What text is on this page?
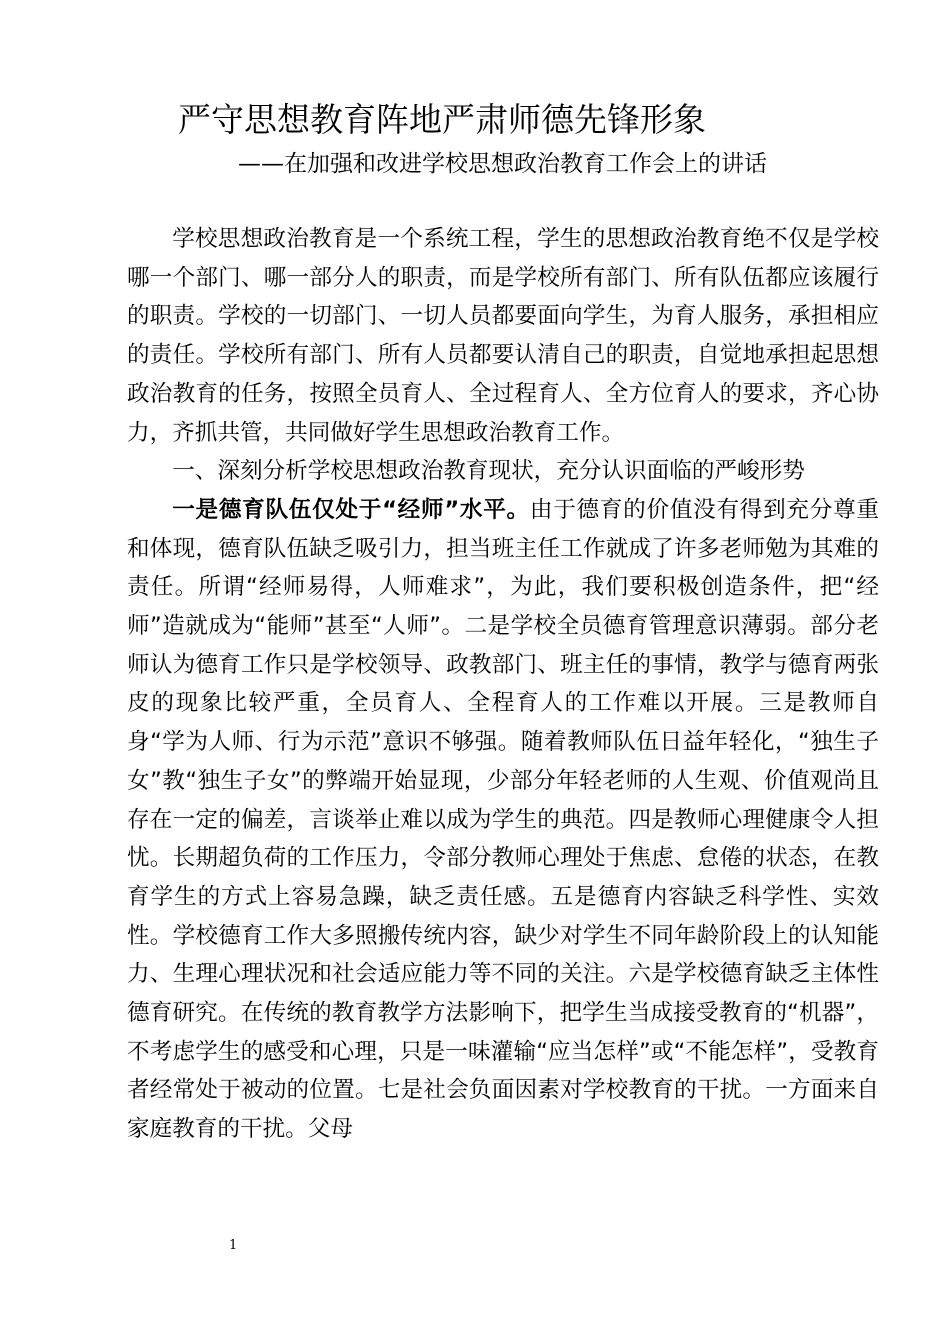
严守思想教育阵地严肃师德先锋形象
——在加强和改进学校思想政治教育工作会上的讲话

学校思想政治教育是一个系统工程，学生的思想政治教育绝不仅是学校哪一个部门、哪一部分人的职责，而是学校所有部门、所有队伍都应该履行的职责。学校的一切部门、一切人员都要面向学生，为育人服务，承担相应的责任。学校所有部门、所有人员都要认清自己的职责，自觉地承担起思想政治教育的任务，按照全员育人、全过程育人、全方位育人的要求，齐心协力，齐抓共管，共同做好学生思想政治教育工作。

一、深刻分析学校思想政治教育现状，充分认识面临的严峻形势

一是德育队伍仅处于“经师”水平。由于德育的价值没有得到充分尊重和体现，德育队伍缺乏吸引力，担当班主任工作就成了许多老师勉为其难的责任。所谓“经师易得，人师难求”，为此，我们要积极创造条件，把“经师”造就成为“能师”甚至“人师”。二是学校全员德育管理意识薄弱。部分老师认为德育工作只是学校领导、政教部门、班主任的事情，教学与德育两张皮的现象比较严重，全员育人、全程育人的工作难以开展。三是教师自身“学为人师、行为示范”意识不够强。随着教师队伍日益年轻化，“独生子女”教“独生子女”的弊端开始显现，少部分年轻老师的人生观、价值观尚且存在一定的偏差，言谈举止难以成为学生的典范。四是教师心理健康令人担忧。长期超负荷的工作压力，令部分教师心理处于焦虑、怠倦的状态，在教育学生的方式上容易急躁，缺乏责任感。五是德育内容缺乏科学性、实效性。学校德育工作大多照搬传统内容，缺少对学生不同年龄阶段上的认知能力、生理心理状况和社会适应能力等不同的关注。六是学校德育缺乏主体性德育研究。在传统的教育教学方法影响下，把学生当成接受教育的“机器”，不考虑学生的感受和心理，只是一味灌输“应当怎样”或“不能怎样”，受教育者经常处于被动的位置。七是社会负面因素对学校教育的干扰。一方面来自家庭教育的干扰。父母

1
